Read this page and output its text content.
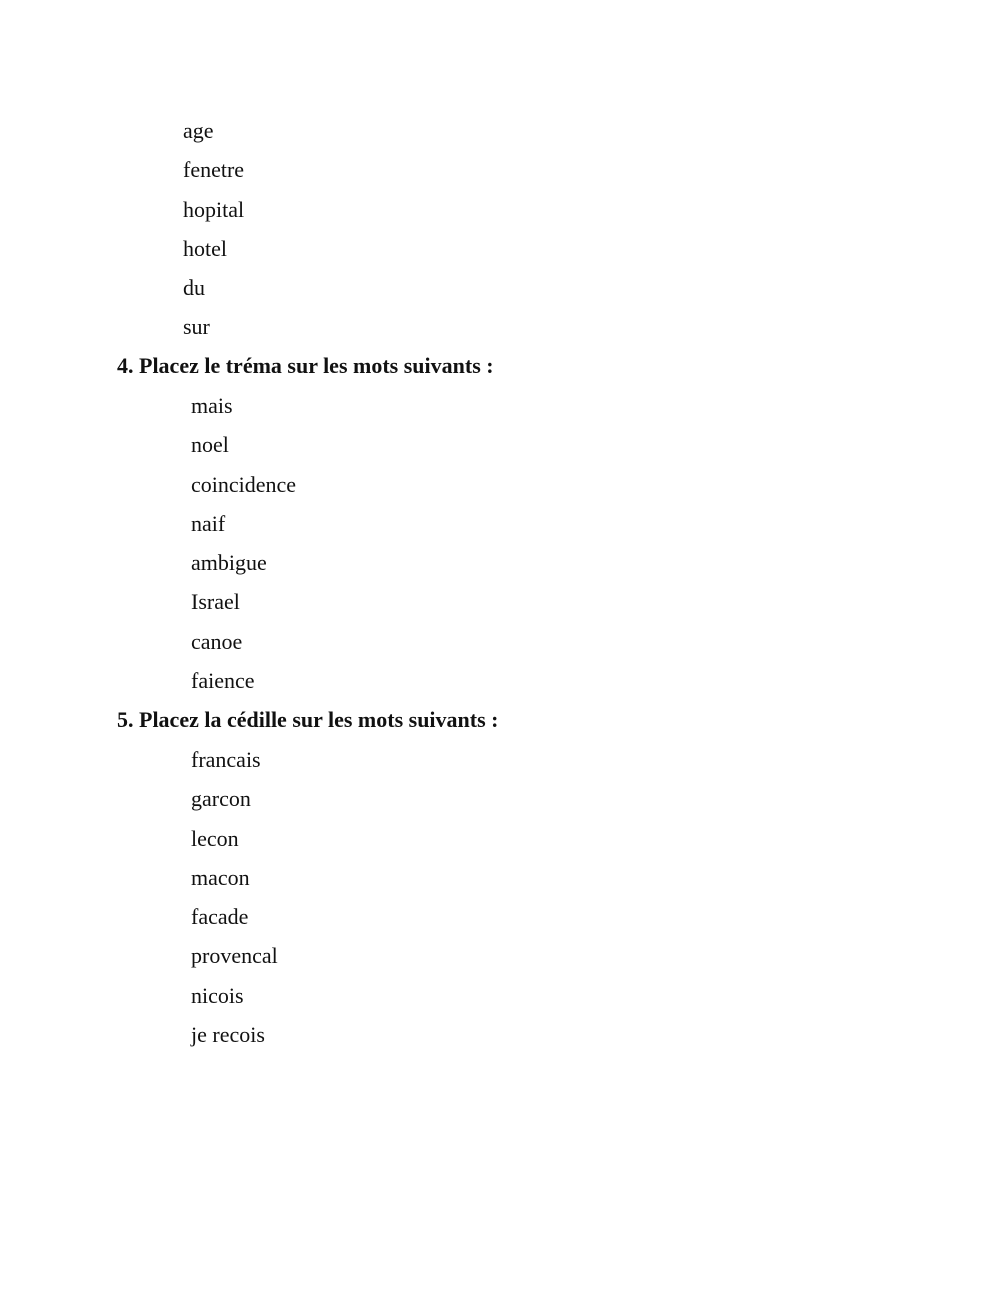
age
fenetre
hopital
hotel
du
sur
4. Placez le tréma sur les mots suivants :
mais
noel
coincidence
naif
ambigue
Israel
canoe
faience
5. Placez la cédille sur les mots suivants :
francais
garcon
lecon
macon
facade
provencal
nicois
je recois
